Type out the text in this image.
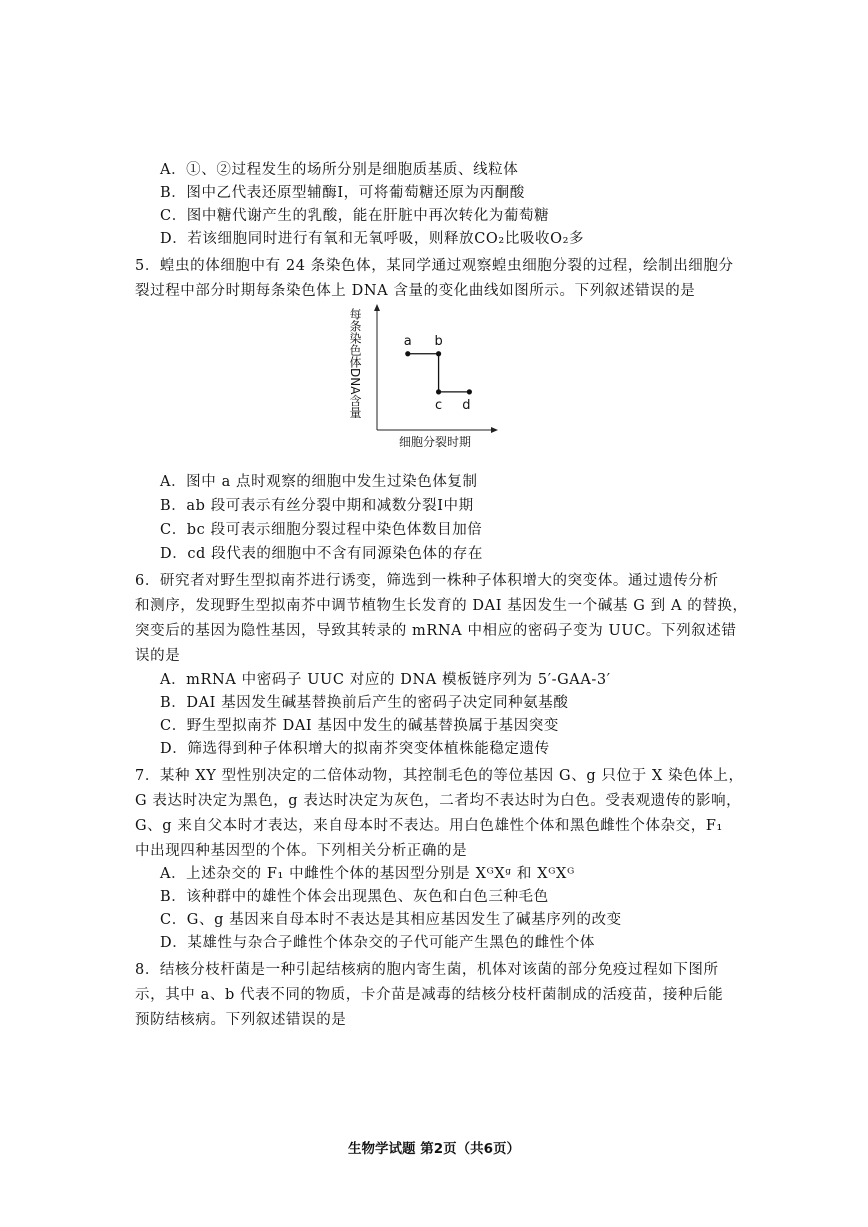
A．①、②过程发生的场所分别是细胞质基质、线粒体
B．图中乙代表还原型辅酶Ⅰ，可将葡萄糖还原为丙酮酸
C．图中糖代谢产生的乳酸，能在肝脏中再次转化为葡萄糖
D．若该细胞同时进行有氧和无氧呼吸，则释放CO₂比吸收O₂多
5．蝗虫的体细胞中有 24 条染色体，某同学通过观察蝗虫细胞分裂的过程，绘制出细胞分
裂过程中部分时期每条染色体上 DNA 含量的变化曲线如图所示。下列叙述错误的是
每条染色体DNA含量	a b
c d
细胞分裂时期
A．图中 a 点时观察的细胞中发生过染色体复制
B．ab 段可表示有丝分裂中期和减数分裂Ⅰ中期
C．bc 段可表示细胞分裂过程中染色体数目加倍
D．cd 段代表的细胞中不含有同源染色体的存在
6．研究者对野生型拟南芥进行诱变，筛选到一株种子体积增大的突变体。通过遗传分析
和测序，发现野生型拟南芥中调节植物生长发育的 DAI 基因发生一个碱基 G 到 A 的替换，
突变后的基因为隐性基因，导致其转录的 mRNA 中相应的密码子变为 UUC。下列叙述错
误的是
A．mRNA 中密码子 UUC 对应的 DNA 模板链序列为 5′-GAA-3′
B．DAI 基因发生碱基替换前后产生的密码子决定同种氨基酸
C．野生型拟南芥 DAI 基因中发生的碱基替换属于基因突变
D．筛选得到种子体积增大的拟南芥突变体植株能稳定遗传
7．某种 XY 型性别决定的二倍体动物，其控制毛色的等位基因 G、g 只位于 X 染色体上，
G 表达时决定为黑色，g 表达时决定为灰色，二者均不表达时为白色。受表观遗传的影响，
G、g 来自父本时才表达，来自母本时不表达。用白色雄性个体和黑色雌性个体杂交，F₁
中出现四种基因型的个体。下列相关分析正确的是
A．上述杂交的 F₁ 中雌性个体的基因型分别是 XᴳXᵍ 和 XᴳXᴳ
B．该种群中的雄性个体会出现黑色、灰色和白色三种毛色
C．G、g 基因来自母本时不表达是其相应基因发生了碱基序列的改变
D．某雄性与杂合子雌性个体杂交的子代可能产生黑色的雌性个体
8．结核分枝杆菌是一种引起结核病的胞内寄生菌，机体对该菌的部分免疫过程如下图所
示，其中 a、b 代表不同的物质，卡介苗是减毒的结核分枝杆菌制成的活疫苗，接种后能
预防结核病。下列叙述错误的是
生物学试题 第2页（共6页）
